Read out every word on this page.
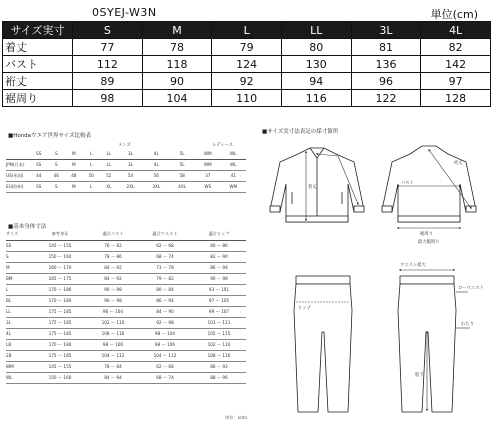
0SYEJ-W3N	単位(cm)
サイズ実寸	S	M	L	LL	3L	4L
着丈	77	78	79	80	81	82
バスト	112	118	124	130	136	142
裄丈	89	90	92	94	96	97
裾周り	98	104	110	116	122	128
■Hondaウエア世界サイズ比較表
メンズ	レディース
	SS	S	M	L	LL	3L	4L	5L	WM	WL
JPN(日本)	SS	S	M	L	LL	3L	4L	5L	WM	WL
US(米国)	44	46	48	50	52	54	56	58	37	41
EU(欧州)	SS	S	M	L	XL	2XL	3XL	4XL	WS	WM
■基本身体寸法
サイズ	参考身長	適合バスト	適合ウエスト	適合ヒップ
SS	145 ～ 155	76 ～ 82	62 ～ 68	80 ～ 86
S	150 ～ 160	78 ～ 86	68 ～ 74	82 ～ 90
M	160 ～ 170	84 ～ 92	73 ～ 78	86 ～ 94
BM	165 ～ 175	84 ～ 92	79 ～ 82	90 ～ 98
L	170 ～ 180	90 ～ 98	80 ～ 84	93 ～ 101
BL	170 ～ 180	90 ～ 98	86 ～ 94	97 ～ 105
LL	175 ～ 185	96 ～ 104	84 ～ 90	99 ～ 107
3L	175 ～ 185	102 ～ 110	92 ～ 98	103 ～ 111
4L	175 ～ 185	108 ～ 116	98 ～ 104	105 ～ 115
LB	170 ～ 180	98 ～ 106	98 ～ 106	102 ～ 110
2B	175 ～ 185	104 ～ 112	104 ～ 112	108 ～ 116
WM	145 ～ 155	78 ～ 84	62 ～ 68	86 ～ 92
WL	150 ～ 160	84 ～ 94	68 ～ 74	88 ～ 96
単位：(cm)
■サイズ実寸法表記の採寸箇所
着丈
裄丈
バスト
裾周り
最大幅周り
ヒップ
ウエスト最大
ローウエスト
股下
わたり
